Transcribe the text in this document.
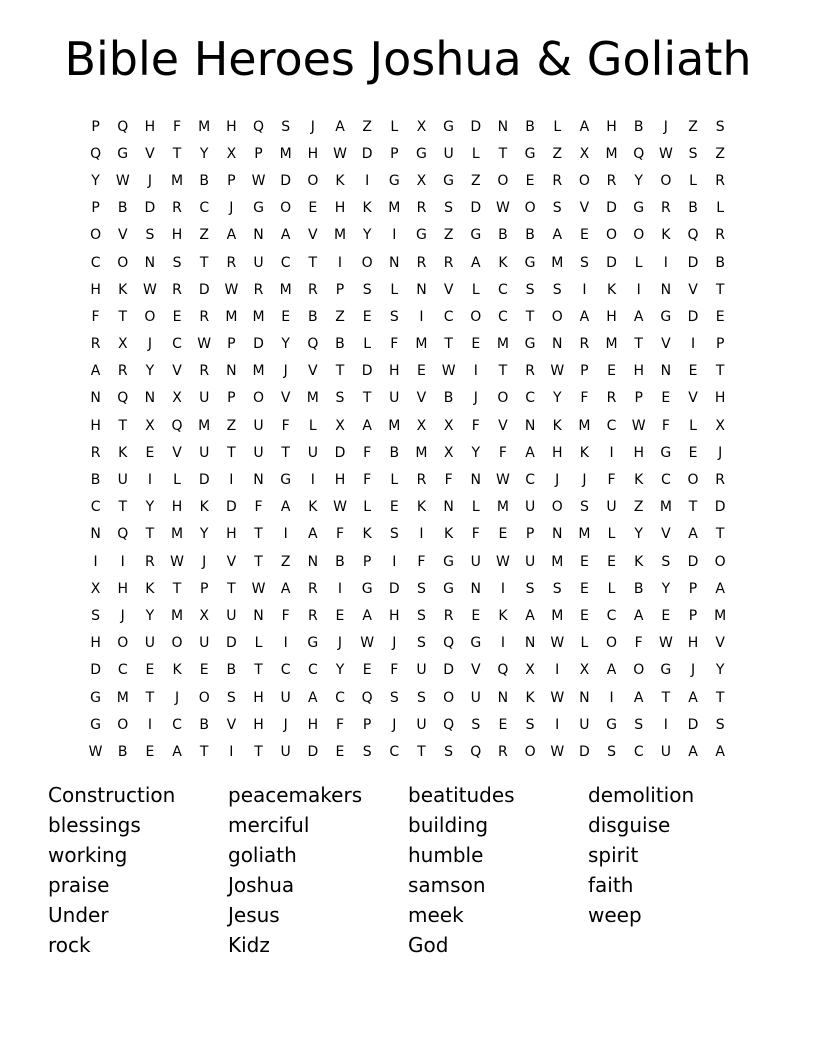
Bible Heroes Joshua & Goliath
P	Q	H	F	M	H	Q	S	J	A	Z	L	X	G	D	N	B	L	A	H	B	J	Z	S
Q	G	V	T	Y	X	P	M	H	W	D	P	G	U	L	T	G	Z	X	M	Q	W	S	Z
Y	W	J	M	B	P	W	D	O	K	I	G	X	G	Z	O	E	R	O	R	Y	O	L	R
P	B	D	R	C	J	G	O	E	H	K	M	R	S	D	W	O	S	V	D	G	R	B	L
O	V	S	H	Z	A	N	A	V	M	Y	I	G	Z	G	B	B	A	E	O	O	K	Q	R
C	O	N	S	T	R	U	C	T	I	O	N	R	R	A	K	G	M	S	D	L	I	D	B
H	K	W	R	D	W	R	M	R	P	S	L	N	V	L	C	S	S	I	K	I	N	V	T
F	T	O	E	R	M	M	E	B	Z	E	S	I	C	O	C	T	O	A	H	A	G	D	E
R	X	J	C	W	P	D	Y	Q	B	L	F	M	T	E	M	G	N	R	M	T	V	I	P
A	R	Y	V	R	N	M	J	V	T	D	H	E	W	I	T	R	W	P	E	H	N	E	T
N	Q	N	X	U	P	O	V	M	S	T	U	V	B	J	O	C	Y	F	R	P	E	V	H
H	T	X	Q	M	Z	U	F	L	X	A	M	X	X	F	V	N	K	M	C	W	F	L	X
R	K	E	V	U	T	U	T	U	D	F	B	M	X	Y	F	A	H	K	I	H	G	E	J
B	U	I	L	D	I	N	G	I	H	F	L	R	F	N	W	C	J	J	F	K	C	O	R
C	T	Y	H	K	D	F	A	K	W	L	E	K	N	L	M	U	O	S	U	Z	M	T	D
N	Q	T	M	Y	H	T	I	A	F	K	S	I	K	F	E	P	N	M	L	Y	V	A	T
I	I	R	W	J	V	T	Z	N	B	P	I	F	G	U	W	U	M	E	E	K	S	D	O
X	H	K	T	P	T	W	A	R	I	G	D	S	G	N	I	S	S	E	L	B	Y	P	A
S	J	Y	M	X	U	N	F	R	E	A	H	S	R	E	K	A	M	E	C	A	E	P	M
H	O	U	O	U	D	L	I	G	J	W	J	S	Q	G	I	N	W	L	O	F	W	H	V
D	C	E	K	E	B	T	C	C	Y	E	F	U	D	V	Q	X	I	X	A	O	G	J	Y
G	M	T	J	O	S	H	U	A	C	Q	S	S	O	U	N	K	W	N	I	A	T	A	T
G	O	I	C	B	V	H	J	H	F	P	J	U	Q	S	E	S	I	U	G	S	I	D	S
W	B	E	A	T	I	T	U	D	E	S	C	T	S	Q	R	O	W	D	S	C	U	A	A
Construction
blessings
working
praise
Under
rock
peacemakers
merciful
goliath
Joshua
Jesus
Kidz
beatitudes
building
humble
samson
meek
God
demolition
disguise
spirit
faith
weep
